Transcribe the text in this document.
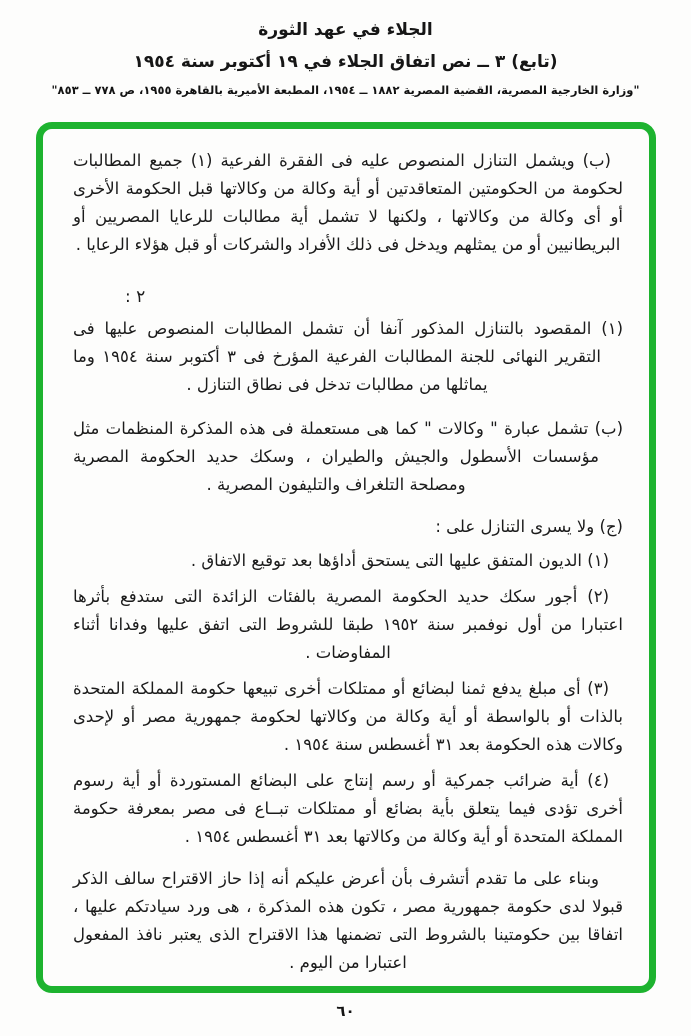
الجلاء في عهد الثورة
(تابع) ٣ ــ نص اتفاق الجلاء في ١٩ أكتوبر سنة ١٩٥٤
"وزارة الخارجية المصرية، القضية المصرية ١٨٨٢ ــ ١٩٥٤، المطبعة الأميرية بالقاهرة ١٩٥٥، ص ٧٧٨ ــ ٨٥٣"

(ب) ويشمل التنازل المنصوص عليه فى الفقرة الفرعية (١) جميع المطالبات لحكومة من الحكومتين المتعاقدتين أو أية وكالة من وكالاتها قبل الحكومة الأخرى أو أى وكالة من وكالاتها ، ولكنها لا تشمل أية مطالبات للرعايا المصريين أو البريطانيين أو من يمثلهم ويدخل فى ذلك الأفراد والشركات أو قبل هؤلاء الرعايا .

٢ :

(١) المقصود بالتنازل المذكور آنفا أن تشمل المطالبات المنصوص عليها فى التقرير النهائى للجنة المطالبات الفرعية المؤرخ فى ٣ أكتوبر سنة ١٩٥٤ وما يماثلها من مطالبات تدخل فى نطاق التنازل .

(ب) تشمل عبارة " وكالات " كما هى مستعملة فى هذه المذكرة المنظمات مثل مؤسسات الأسطول والجيش والطيران ، وسكك حديد الحكومة المصرية ومصلحة التلغراف والتليفون المصرية .

(ج) ولا يسرى التنازل على :

(١) الديون المتفق عليها التى يستحق أداؤها بعد توقيع الاتفاق .

(٢) أجور سكك حديد الحكومة المصرية بالفئات الزائدة التى ستدفع بأثرها اعتبارا من أول نوفمبر سنة ١٩٥٢ طبقا للشروط التى اتفق عليها وفدانا أثناء المفاوضات .

(٣) أى مبلغ يدفع ثمنا لبضائع أو ممتلكات أخرى تبيعها حكومة المملكة المتحدة بالذات أو بالواسطة أو أية وكالة من وكالاتها لحكومة جمهورية مصر أو لإحدى وكالات هذه الحكومة بعد ٣١ أغسطس سنة ١٩٥٤ .

(٤) أية ضرائب جمركية أو رسم إنتاج على البضائع المستوردة أو أية رسوم أخرى تؤدى فيما يتعلق بأية بضائع أو ممتلكات تبــاع فى مصر بمعرفة حكومة المملكة المتحدة أو أية وكالة من وكالاتها بعد ٣١ أغسطس ١٩٥٤ .

وبناء على ما تقدم أتشرف بأن أعرض عليكم أنه إذا حاز الاقتراح سالف الذكر قبولا لدى حكومة جمهورية مصر ، تكون هذه المذكرة ، هى ورد سيادتكم عليها ، اتفاقا بين حكومتينا بالشروط التى تضمنها هذا الاقتراح الذى يعتبر نافذ المفعول اعتبارا من اليوم .

٦٠
